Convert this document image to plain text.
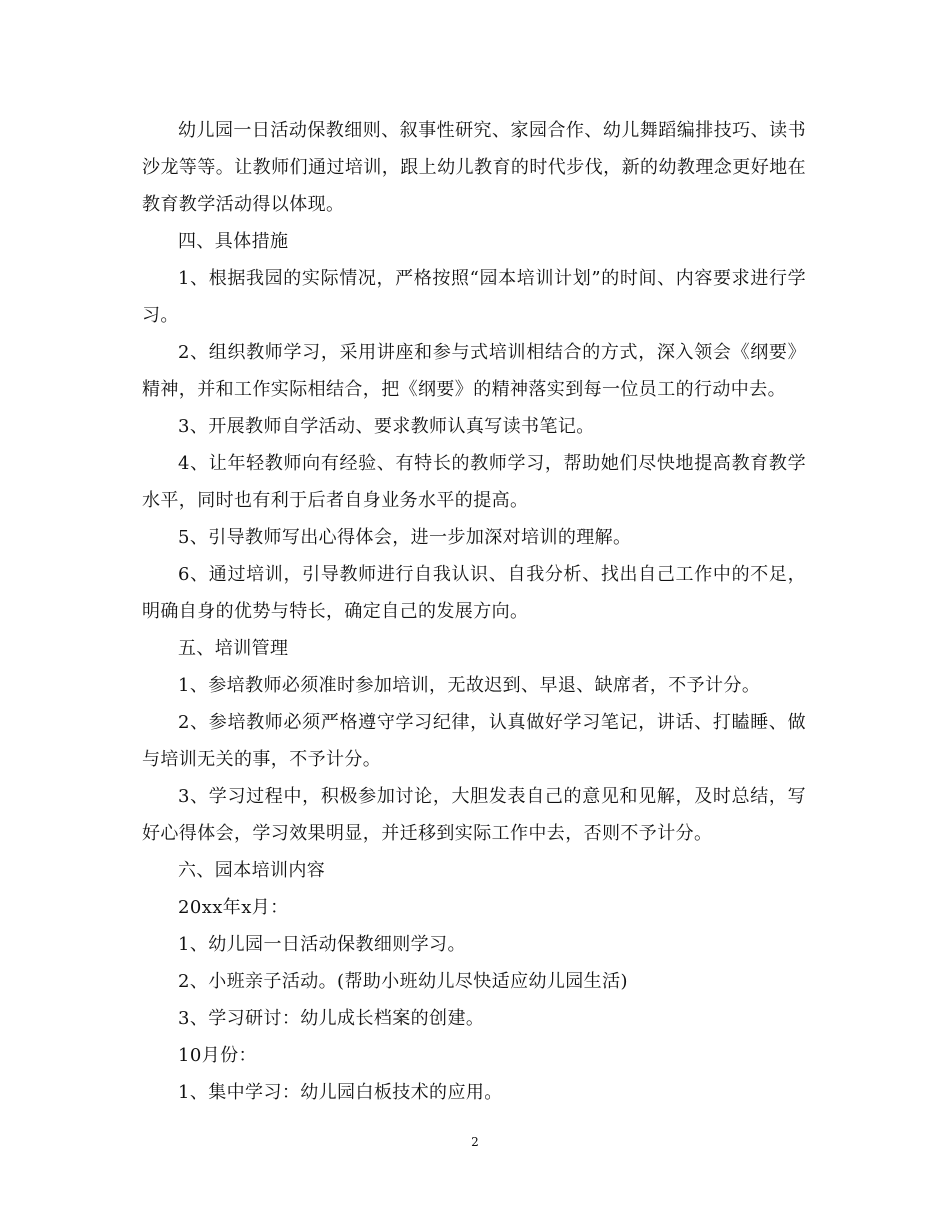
幼儿园一日活动保教细则、叙事性研究、家园合作、幼儿舞蹈编排技巧、读书沙龙等等。让教师们通过培训，跟上幼儿教育的时代步伐，新的幼教理念更好地在教育教学活动得以体现。

四、具体措施

1、根据我园的实际情况，严格按照“园本培训计划”的时间、内容要求进行学习。

2、组织教师学习，采用讲座和参与式培训相结合的方式，深入领会《纲要》精神，并和工作实际相结合，把《纲要》的精神落实到每一位员工的行动中去。

3、开展教师自学活动、要求教师认真写读书笔记。

4、让年轻教师向有经验、有特长的教师学习，帮助她们尽快地提高教育教学水平，同时也有利于后者自身业务水平的提高。

5、引导教师写出心得体会，进一步加深对培训的理解。

6、通过培训，引导教师进行自我认识、自我分析、找出自己工作中的不足，明确自身的优势与特长，确定自己的发展方向。

五、培训管理

1、参培教师必须准时参加培训，无故迟到、早退、缺席者，不予计分。

2、参培教师必须严格遵守学习纪律，认真做好学习笔记，讲话、打瞌睡、做与培训无关的事，不予计分。

3、学习过程中，积极参加讨论，大胆发表自己的意见和见解，及时总结，写好心得体会，学习效果明显，并迁移到实际工作中去，否则不予计分。

六、园本培训内容

20xx年x月：

1、幼儿园一日活动保教细则学习。

2、小班亲子活动。(帮助小班幼儿尽快适应幼儿园生活)

3、学习研讨：幼儿成长档案的创建。

10月份：

1、集中学习：幼儿园白板技术的应用。

2
